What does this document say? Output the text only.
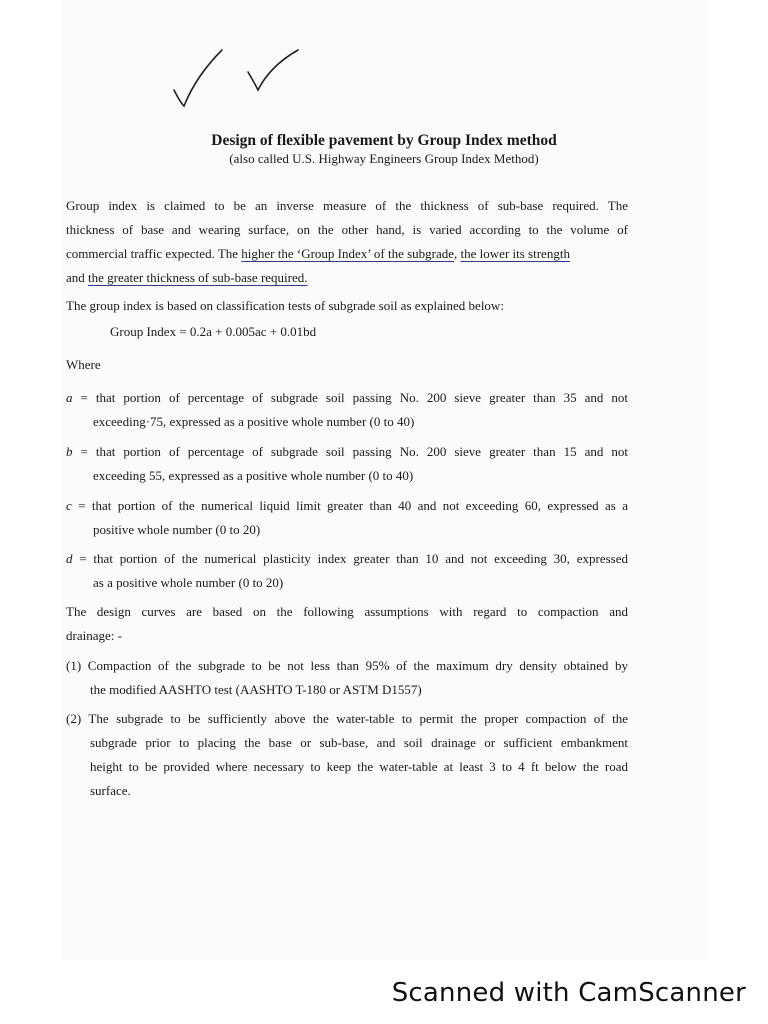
Design of flexible pavement by Group Index method
(also called U.S. Highway Engineers Group Index Method)
Group index is claimed to be an inverse measure of the thickness of sub-base required. The
thickness of base and wearing surface, on the other hand, is varied according to the volume of
commercial traffic expected. The higher the ‘Group Index’ of the subgrade, the lower its strength
and the greater thickness of sub-base required.
The group index is based on classification tests of subgrade soil as explained below:
Group Index = 0.2a + 0.005ac + 0.01bd
Where
a = that portion of percentage of subgrade soil passing No. 200 sieve greater than 35 and not
exceeding·75, expressed as a positive whole number (0 to 40)
b = that portion of percentage of subgrade soil passing No. 200 sieve greater than 15 and not
exceeding 55, expressed as a positive whole number (0 to 40)
c = that portion of the numerical liquid limit greater than 40 and not exceeding 60, expressed as a
positive whole number (0 to 20)
d = that portion of the numerical plasticity index greater than 10 and not exceeding 30, expressed
as a positive whole number (0 to 20)
The design curves are based on the following assumptions with regard to compaction and
drainage: -
(1) Compaction of the subgrade to be not less than 95% of the maximum dry density obtained by
the modified AASHTO test (AASHTO T-180 or ASTM D1557)
(2) The subgrade to be sufficiently above the water-table to permit the proper compaction of the
subgrade prior to placing the base or sub-base, and soil drainage or sufficient embankment
height to be provided where necessary to keep the water-table at least 3 to 4 ft below the road
surface.
Scanned with CamScanner
